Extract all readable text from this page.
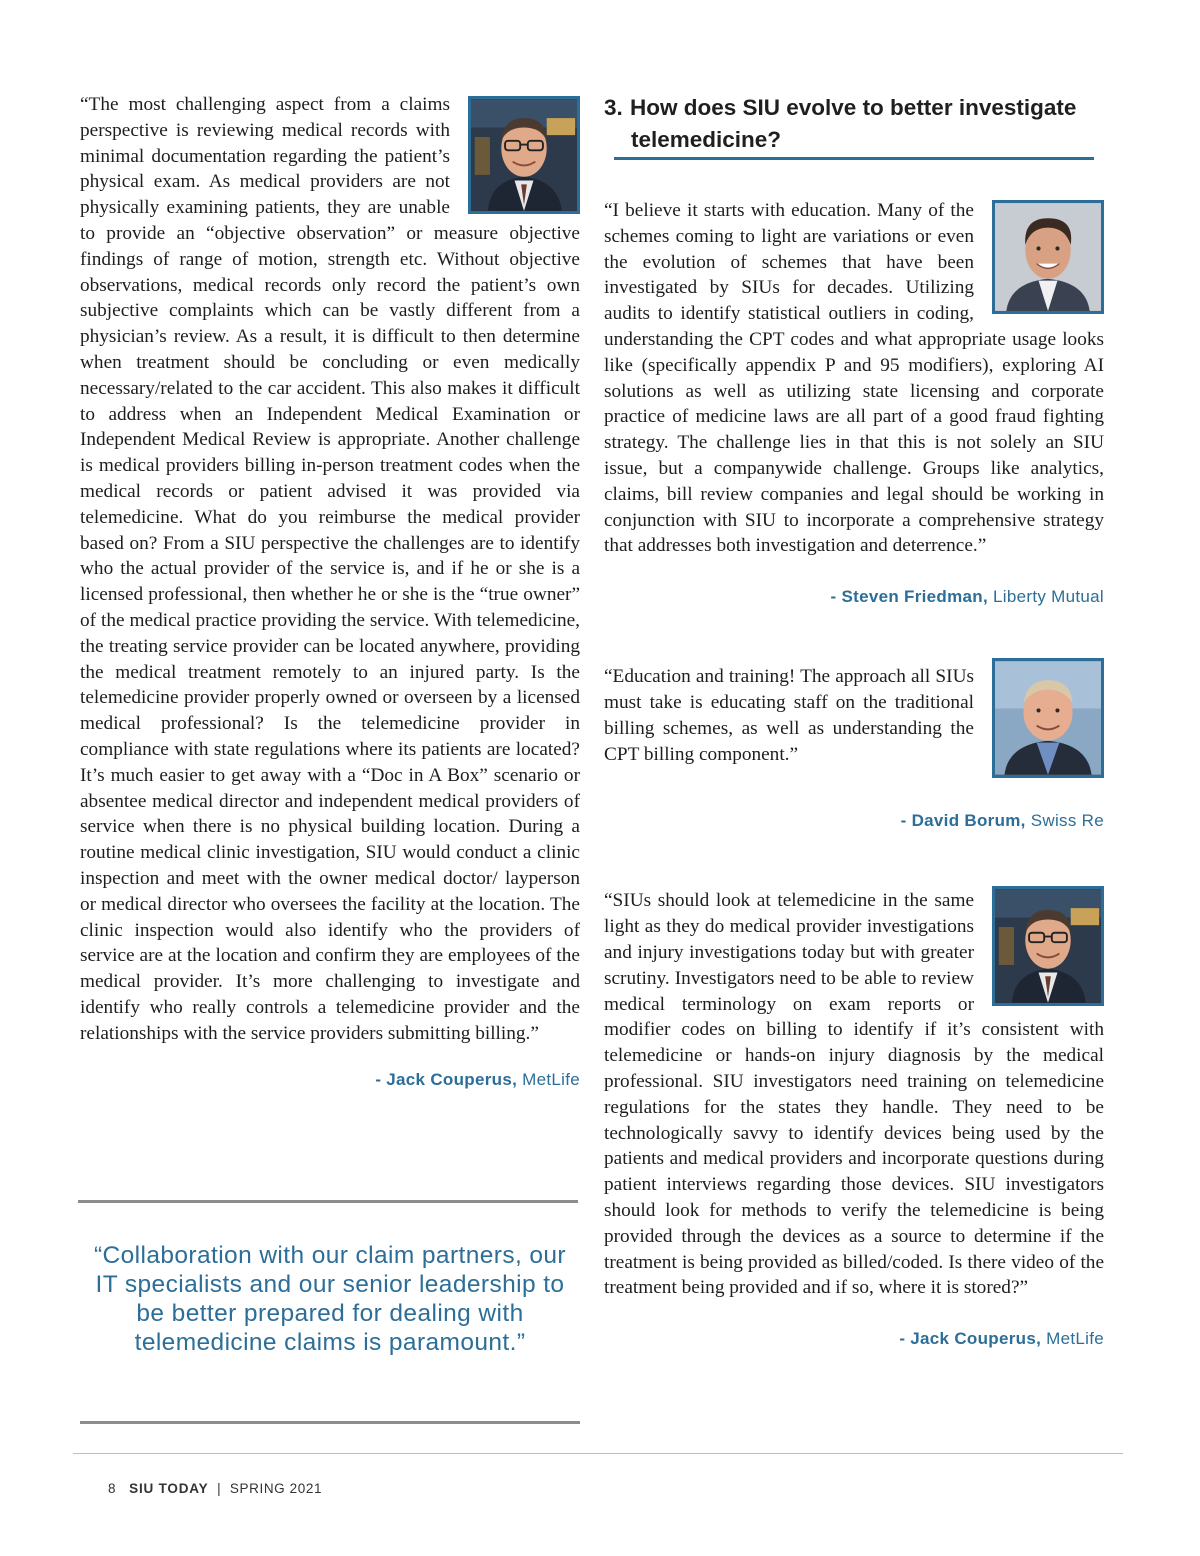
“The most challenging aspect from a claims perspective is reviewing medical records with minimal documentation regarding the patient’s physical exam. As medical providers are not physically examining patients, they are unable to provide an “objective observation” or measure objective findings of range of motion, strength etc. Without objective observations, medical records only record the patient’s own subjective complaints which can be vastly different from a physician’s review. As a result, it is difficult to then determine when treatment should be concluding or even medically necessary/related to the car accident. This also makes it difficult to address when an Independent Medical Examination or Independent Medical Review is appropriate. Another challenge is medical providers billing in-person treatment codes when the medical records or patient advised it was provided via telemedicine. What do you reimburse the medical provider based on? From a SIU perspective the challenges are to identify who the actual provider of the service is, and if he or she is a licensed professional, then whether he or she is the “true owner” of the medical practice providing the service. With telemedicine, the treating service provider can be located anywhere, providing the medical treatment remotely to an injured party. Is the telemedicine provider properly owned or overseen by a licensed medical professional? Is the telemedicine provider in compliance with state regulations where its patients are located? It’s much easier to get away with a “Doc in A Box” scenario or absentee medical director and independent medical providers of service when there is no physical building location. During a routine medical clinic investigation, SIU would conduct a clinic inspection and meet with the owner medical doctor/ layperson or medical director who oversees the facility at the location. The clinic inspection would also identify who the providers of service are at the location and confirm they are employees of the medical provider. It’s more challenging to investigate and identify who really controls a telemedicine provider and the relationships with the service providers submitting billing.”

- Jack Couperus, MetLife

“Collaboration with our claim partners, our IT specialists and our senior leadership to be better prepared for dealing with telemedicine claims is paramount.”

3. How does SIU evolve to better investigate
telemedicine?

“I believe it starts with education. Many of the schemes coming to light are variations or even the evolution of schemes that have been investigated by SIUs for decades. Utilizing audits to identify statistical outliers in coding, understanding the CPT codes and what appropriate usage looks like (specifically appendix P and 95 modifiers), exploring AI solutions as well as utilizing state licensing and corporate practice of medicine laws are all part of a good fraud fighting strategy. The challenge lies in that this is not solely an SIU issue, but a companywide challenge. Groups like analytics, claims, bill review companies and legal should be working in conjunction with SIU to incorporate a comprehensive strategy that addresses both investigation and deterrence.”

- Steven Friedman, Liberty Mutual

“Education and training! The approach all SIUs must take is educating staff on the traditional billing schemes, as well as understanding the CPT billing component.”

- David Borum, Swiss Re

“SIUs should look at telemedicine in the same light as they do medical provider investigations and injury investigations today but with greater scrutiny. Investigators need to be able to review medical terminology on exam reports or modifier codes on billing to identify if it’s consistent with telemedicine or hands-on injury diagnosis by the medical professional. SIU investigators need training on telemedicine regulations for the states they handle. They need to be technologically savvy to identify devices being used by the patients and medical providers and incorporate questions during patient interviews regarding those devices. SIU investigators should look for methods to verify the telemedicine is being provided through the devices as a source to determine if the treatment is being provided as billed/coded. Is there video of the treatment being provided and if so, where it is stored?”

- Jack Couperus, MetLife

8 SIU TODAY | SPRING 2021
